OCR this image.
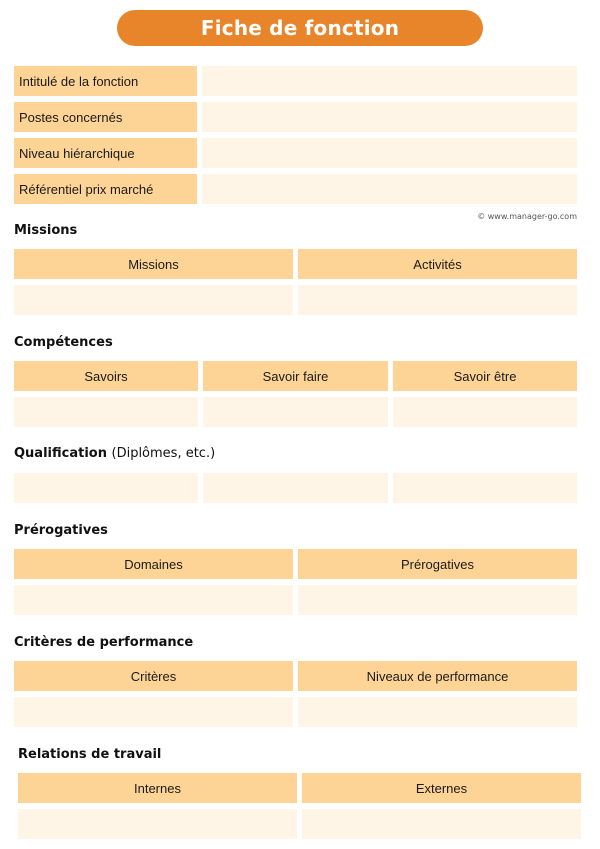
Fiche de fonction
Intitulé de la fonction
Postes concernés
Niveau hiérarchique
Référentiel prix marché
© www.manager-go.com
Missions
Missions	Activités
Compétences
Savoirs	Savoir faire	Savoir être
Qualification (Diplômes, etc.)
Prérogatives
Domaines	Prérogatives
Critères de performance
Critères	Niveaux de performance
Relations de travail
Internes	Externes
